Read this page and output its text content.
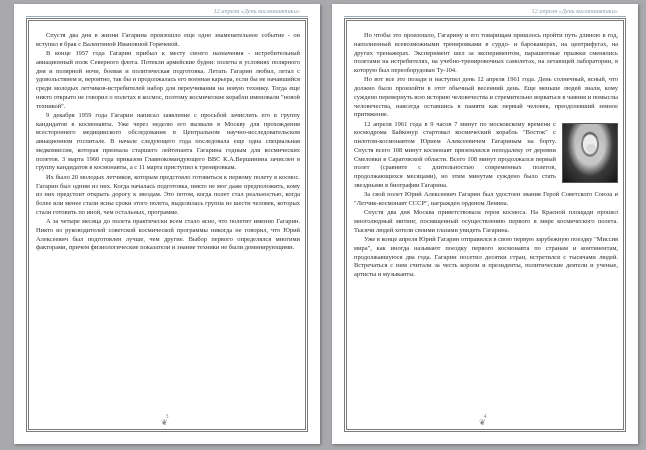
12 апреля «День космонавтики»

Спустя два дня в жизни Гагарина произошло еще одно знаменательное событие - он вступил в брак с Валентиной Ивановной Горячевой.

В конце 1957 года Гагарин прибыл к месту своего назначения - истребительный авиационный полк Северного флота. Потекли армейские будни: полеты в условиях полярного дня и полярной ночи, боевая и политическая подготовка. Летать Гагарин любил, летал с удовольствием и, вероятно, так бы и продолжалась его военная карьера, если бы не начавшийся среди молодых летчиков-истребителей набор для переучивания на новую технику. Тогда еще никто открыто не говорил о полетах в космос, поэтому космические корабли именовали "новой техникой".

9 декабря 1959 года Гагарин написал заявление с просьбой зачислить его в группу кандидатов в космонавты. Уже через неделю его вызвали в Москву для прохождения всестороннего медицинского обследования в Центральном научно-исследовательском авиационном госпитале. В начале следующего года последовала еще одна специальная медкомиссия, которая признала старшего лейтенанта Гагарина годным для космических полетов. 3 марта 1960 года приказом Главнокомандующего ВВС К.А.Вершинина зачислен в группу кандидатов в космонавты, а с 11 марта приступил к тренировкам.

Их было 20 молодых летчиков, которым предстояло готовиться к первому полету в космос. Гагарин был одним из них. Когда началась подготовка, никто не мог даже предположить, кому из них предстоит открыть дорогу к звездам. Это потом, когда полет стал реальностью, когда более или менее стали ясны сроки этого полета, выделилась группа из шести человек, которых стали готовить по иной, чем остальных, программе.

А за четыре месяца до полета практически всем стало ясно, что полетит именно Гагарин. Никто из руководителей советской космической программы никогда не говорил, что Юрий Алексеевич был подготовлен лучше, чем другие. Выбор первого определялся многими факторами, причем физиологические показатели и знание техники не были доминирующими.

3
❦
12 апреля «День космонавтики»

Но чтобы это произошло, Гагарину и его товарищам пришлось пройти путь длиною в год, наполненный всевозможными тренировками в сурдо- и барокамерах, на центрифугах, на других тренажерах. Эксперимент шел за экспериментом, парашютные прыжки сменялись полетами на истребителях, на учебно-тренировочных самолетах, на летающей лаборатории, в которую был переоборудован Ту-104.

Но вот все это позади и наступил день 12 апреля 1961 года. День солнечный, ясный, что должно было произойти в этот обычный весенний день. Еще меньше людей знали, кому суждено перевернуть всю историю человечества и стремительно ворваться в чаяния и помыслы человечества, навсегда оставшись в памяти как первый человек, преодолевший земное притяжение.

12 апреля 1961 года в 9 часов 7 минут по московскому времени с космодрома Байконур стартовал космический корабль "Восток" с пилотом-космонавтом Юрием Алексеевичем Гагариным на борту. Спустя всего 108 минут космонавт приземлился неподалеку от деревни Смеловки в Саратовской области. Всего 108 минут продолжался первый полет (сравните с длительностью современных полетов, продолжающихся месяцами), но этим минутам суждено было стать звездными в биографии Гагарина.

За свой полет Юрий Алексеевич Гагарин был удостоен звания Герой Советского Союза и "Летчик-космонавт СССР", награжден орденом Ленина.

Спустя два дня Москва приветствовала героя космоса. На Красной площади прошел многолюдный митинг, посвященный осуществлению первого в мире космического полета. Тысячи людей хотели своими глазами увидеть Гагарина.

Уже в конце апреля Юрий Гагарин отправился в свою первую зарубежную поездку "Миссия мира", как иногда называют поездку первого космонавта по странам и континентам, продолжавшуюся два года. Гагарин посетил десятки стран, встретился с тысячами людей. Встречаться с ним считали за честь короли и президенты, политические деятели и ученые, артисты и музыканты.

4
❦
